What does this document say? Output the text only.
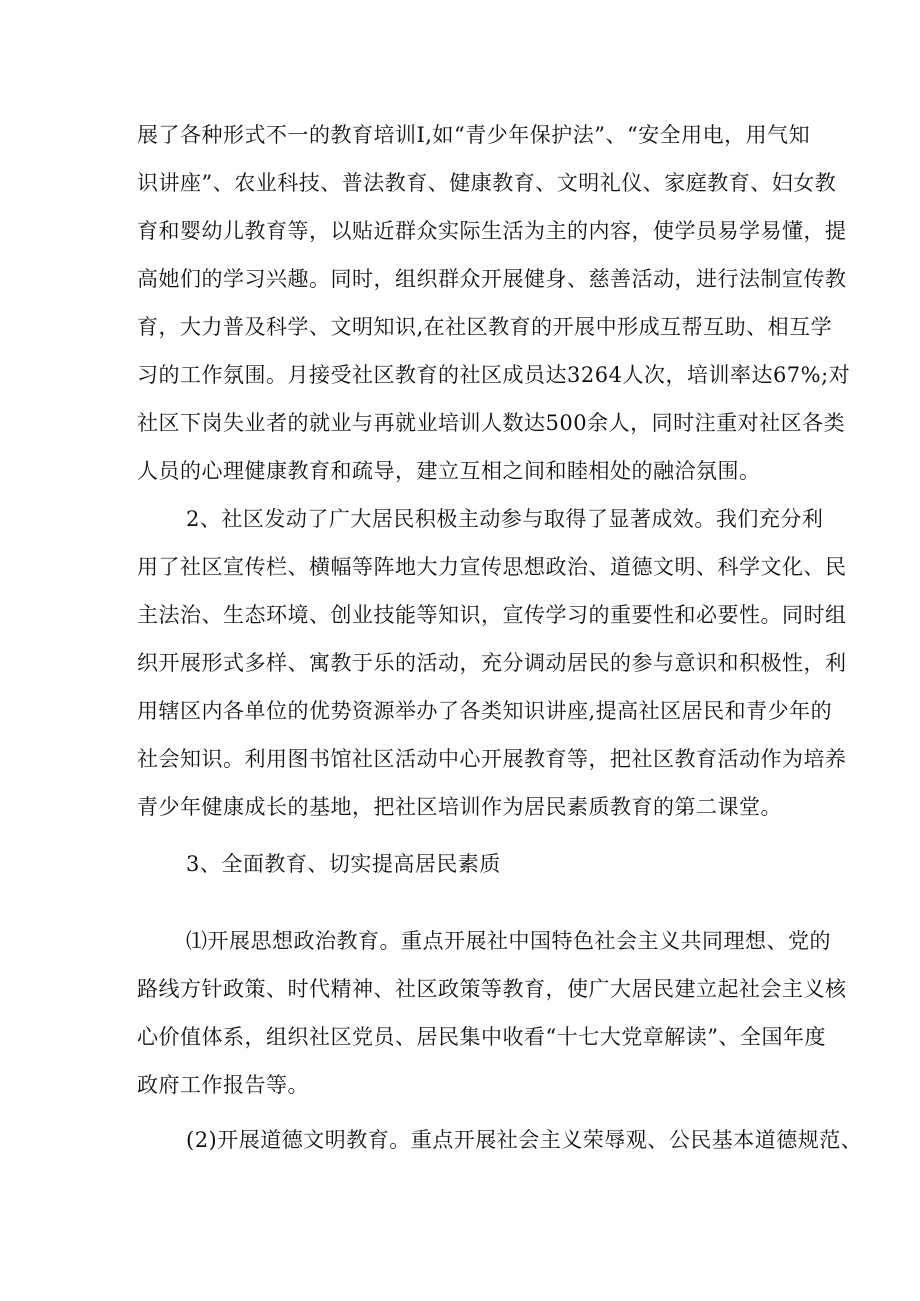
展了各种形式不一的教育培训I,如“青少年保护法”、“安全用电，用气知
识讲座”、农业科技、普法教育、健康教育、文明礼仪、家庭教育、妇女教
育和婴幼儿教育等，以贴近群众实际生活为主的内容，使学员易学易懂，提
高她们的学习兴趣。同时，组织群众开展健身、慈善活动，进行法制宣传教
育，大力普及科学、文明知识,在社区教育的开展中形成互帮互助、相互学
习的工作氛围。月接受社区教育的社区成员达3264人次，培训率达67%;对
社区下岗失业者的就业与再就业培训人数达500余人，同时注重对社区各类
人员的心理健康教育和疏导，建立互相之间和睦相处的融洽氛围。
2、社区发动了广大居民积极主动参与取得了显著成效。我们充分利
用了社区宣传栏、横幅等阵地大力宣传思想政治、道德文明、科学文化、民
主法治、生态环境、创业技能等知识，宣传学习的重要性和必要性。同时组
织开展形式多样、寓教于乐的活动，充分调动居民的参与意识和积极性，利
用辖区内各单位的优势资源举办了各类知识讲座,提高社区居民和青少年的
社会知识。利用图书馆社区活动中心开展教育等，把社区教育活动作为培养
青少年健康成长的基地，把社区培训作为居民素质教育的第二课堂。
3、全面教育、切实提高居民素质
⑴开展思想政治教育。重点开展社中国特色社会主义共同理想、党的
路线方针政策、时代精神、社区政策等教育，使广大居民建立起社会主义核
心价值体系，组织社区党员、居民集中收看“十七大党章解读”、全国年度
政府工作报告等。
(2)开展道德文明教育。重点开展社会主义荣辱观、公民基本道德规范、
